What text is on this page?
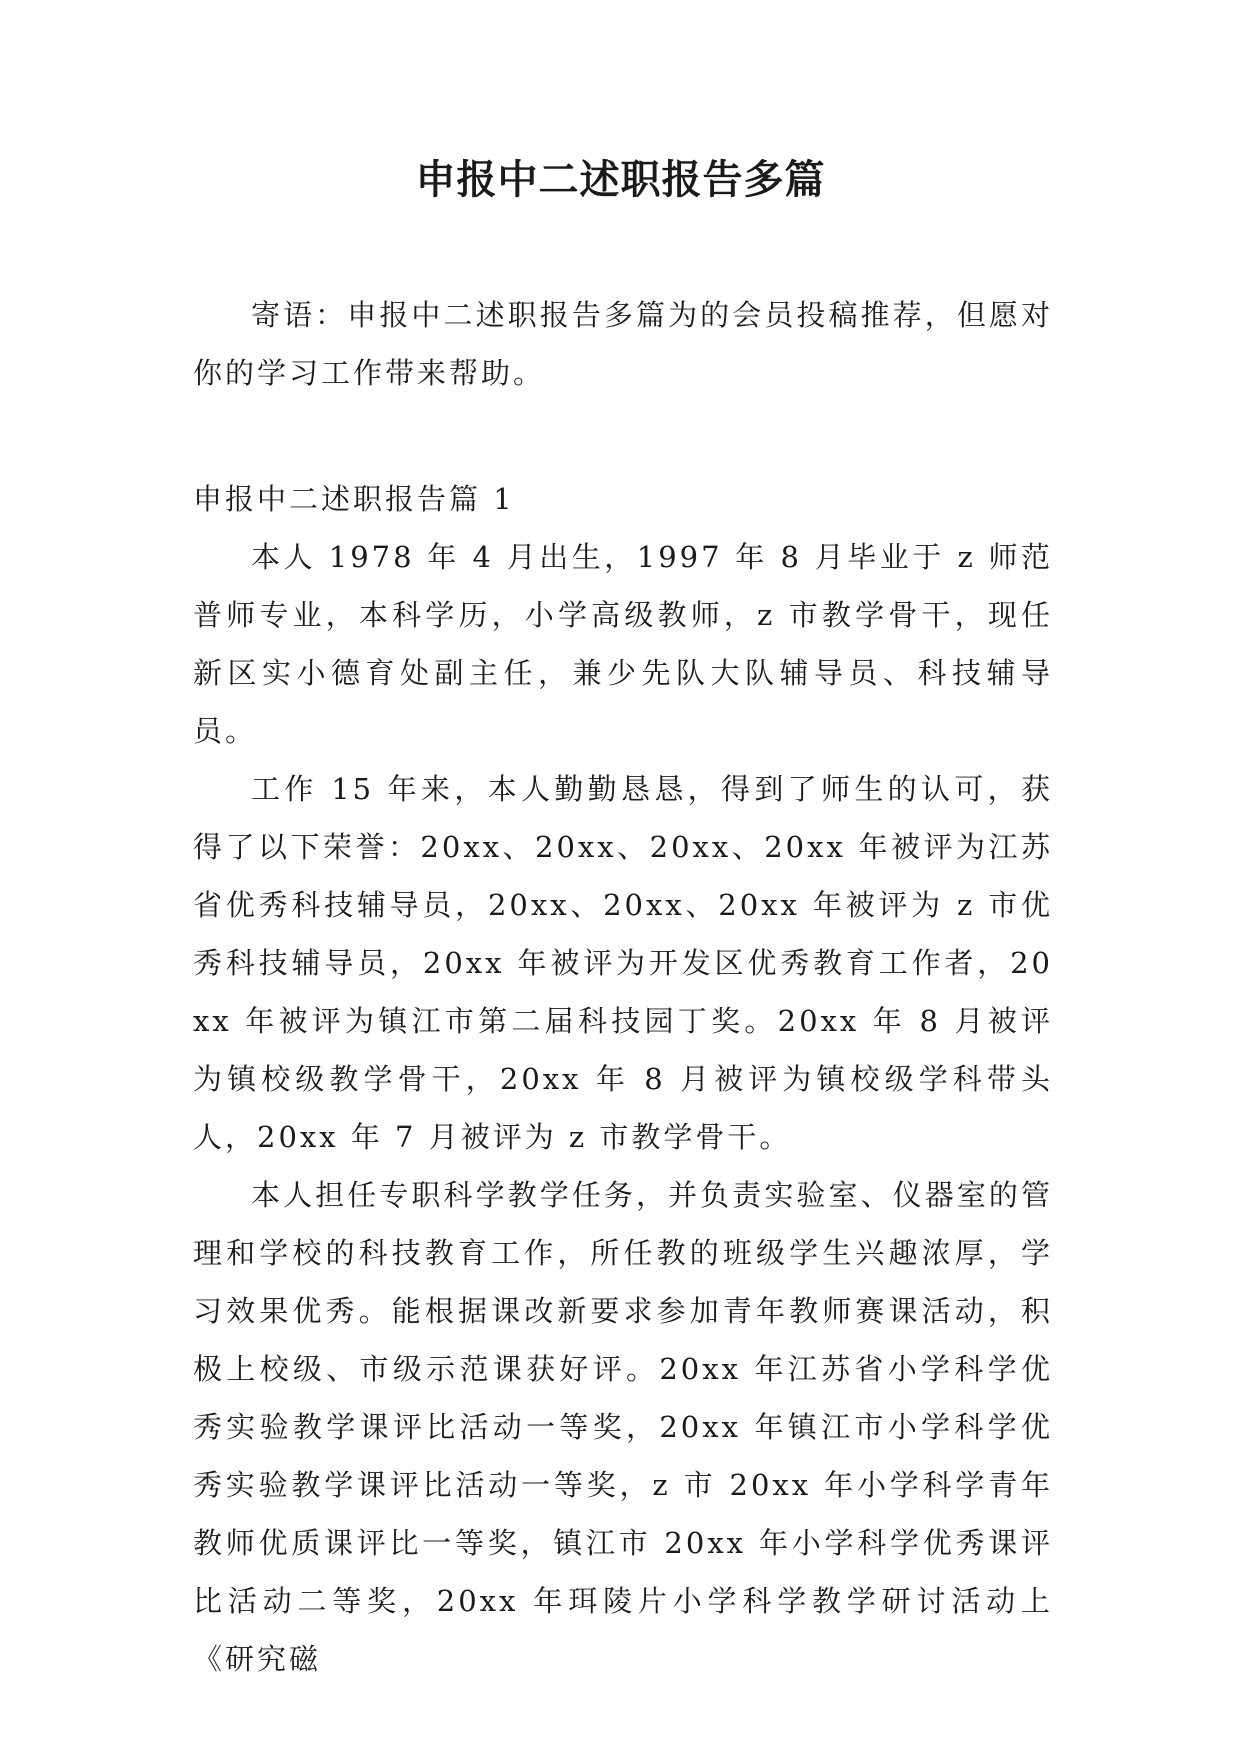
申报中二述职报告多篇

寄语：申报中二述职报告多篇为的会员投稿推荐，但愿对你的学习工作带来帮助。

申报中二述职报告篇 1

本人 1978 年 4 月出生，1997 年 8 月毕业于 z 师范普师专业，本科学历，小学高级教师，z 市教学骨干，现任新区实小德育处副主任，兼少先队大队辅导员、科技辅导员。

工作 15 年来，本人勤勤恳恳，得到了师生的认可，获得了以下荣誉：20xx、20xx、20xx、20xx 年被评为江苏省优秀科技辅导员，20xx、20xx、20xx 年被评为 z 市优秀科技辅导员，20xx 年被评为开发区优秀教育工作者，20xx 年被评为镇江市第二届科技园丁奖。20xx 年 8 月被评为镇校级教学骨干，20xx 年 8 月被评为镇校级学科带头人，20xx 年 7 月被评为 z 市教学骨干。

本人担任专职科学教学任务，并负责实验室、仪器室的管理和学校的科技教育工作，所任教的班级学生兴趣浓厚，学习效果优秀。能根据课改新要求参加青年教师赛课活动，积极上校级、市级示范课获好评。20xx 年江苏省小学科学优秀实验教学课评比活动一等奖，20xx 年镇江市小学科学优秀实验教学课评比活动一等奖，z 市 20xx 年小学科学青年教师优质课评比一等奖，镇江市 20xx 年小学科学优秀课评比活动二等奖，20xx 年珥陵片小学科学教学研讨活动上《研究磁
